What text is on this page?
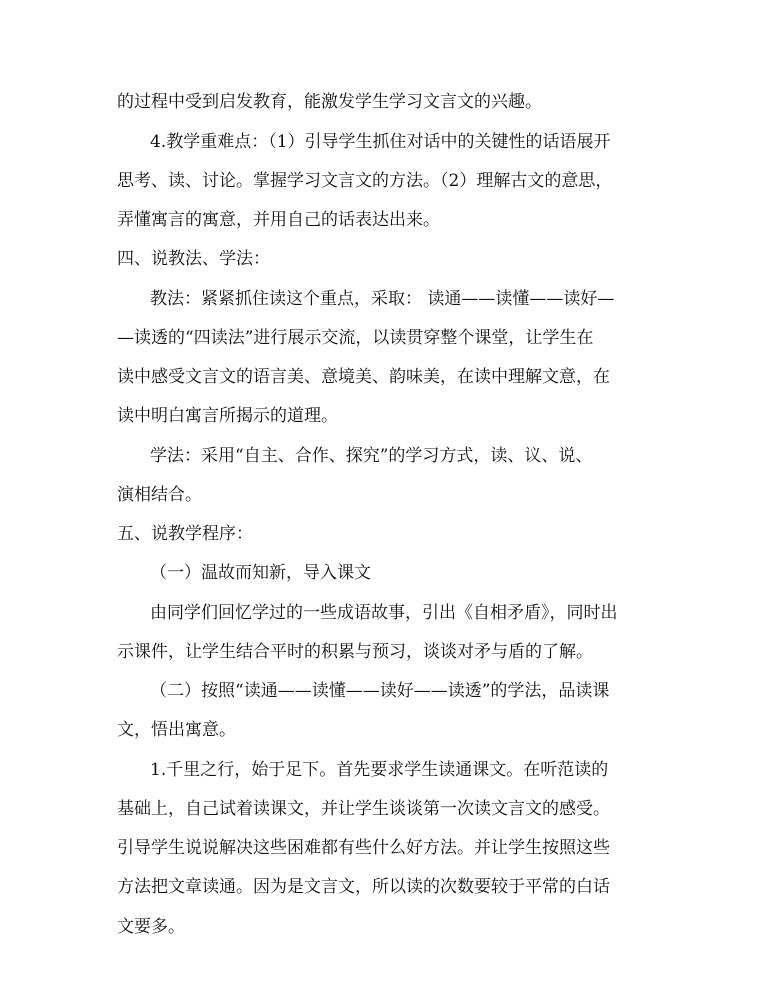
的过程中受到启发教育，能激发学生学习文言文的兴趣。
4.教学重难点：（1）引导学生抓住对话中的关键性的话语展开
思考、读、讨论。掌握学习文言文的方法。（2）理解古文的意思，
弄懂寓言的寓意，并用自己的话表达出来。
四、说教法、学法：
教法：紧紧抓住读这个重点，采取： 读通——读懂——读好—
—读透的“四读法”进行展示交流，以读贯穿整个课堂，让学生在
读中感受文言文的语言美、意境美、韵味美，在读中理解文意，在
读中明白寓言所揭示的道理。
学法：采用“自主、合作、探究”的学习方式，读、议、说、
演相结合。
五、说教学程序：
（一）温故而知新，导入课文
由同学们回忆学过的一些成语故事，引出《自相矛盾》，同时出
示课件，让学生结合平时的积累与预习，谈谈对矛与盾的了解。
（二）按照“读通——读懂——读好——读透”的学法，品读课
文，悟出寓意。
1.千里之行，始于足下。首先要求学生读通课文。在听范读的
基础上，自己试着读课文，并让学生谈谈第一次读文言文的感受。
引导学生说说解决这些困难都有些什么好方法。并让学生按照这些
方法把文章读通。因为是文言文，所以读的次数要较于平常的白话
文要多。
